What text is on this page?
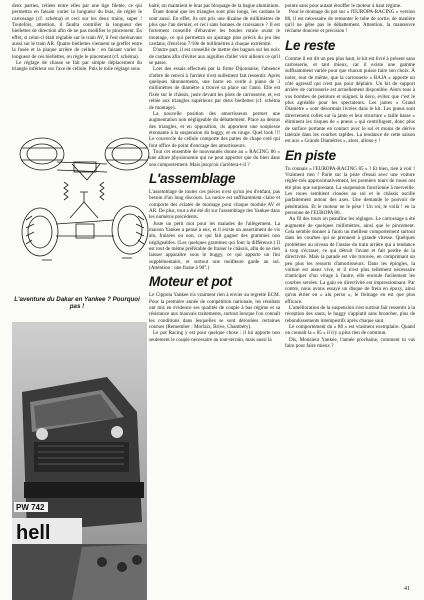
deux parties, reliées entre elles par une tige filetée, ce qui permettra en faisant varier la longueur du bras, de régler le carrossage (cf. schéma) et ceci sur les deux trains, super ! Toutefois, attention, il faudra contrôler la longueur des biellettes de direction afin de ne pas modifier le pincement. En effet, si celui-ci était réglable sur le train AV, il l'est dorénavant aussi sur le train AR. Quatre biellettes viennent se greffer entre la fusée et la plaque arrière de cellule : en faisant varier la longueur de ces biellettes, on règle le pincement (cf. schéma).

Le réglage de chasse se fait par simple déplacement du triangle inférieur sur l'axe de cellule. Puis le toile réglage sous

L'aventure du Dakar en Yankee ? Pourquoi pas !
PW 742
hell

haité, on maintient le bras par bloquage de la bague aluminium.

Étant donné que les triangles sont plus longs, les cardans le sont aussi. En effet, ils ont pris une dizaine de millimètres de plus que l'an dernier, et ceci sans honnes de croissance ? Il est fortement conseillé d'ébavurer les boules rotule avant le montage, ce qui permettra un ajustage plus précis du jeu des cardans, d'environ 7/10e de millimètres à chaque extrémité.

D'autre part, il est conseillé de mettre des bagues sur les noix de cardans afin d'éviter aux aiguilles d'aller voir ailleurs ce qu'il se passe.

Lors des essais effectués par la firme Dijonnaise, l'absence d'arbre de renvoi à l'arrière n'est nullement fait ressentir. Après quelques tâtonnements, une barre en corde à piano de 3 millimètres de diamètre a trouvé sa place sur l'auto. Elle est fixée sur le châssis, juste devant les plots de carrosserie, et, est reliée aux triangles supérieurs par deux biellettes (cf. schéma de montage).

La nouvelle position des amortisseurs permet une augmentation non négligeable du débattement. Placé au dessus des triangles, et en opposition, ils apportent une souplesse étonnante à la suspension du buggy, et en rouge. Quel look !!! Le couvercle de cellule comporte des pattes de chape coté qui font office de point d'encrage des amortisseurs.

Tout cet ensemble de nouveautés donne au « RACING 86 » une allure physionomie qui ne peut apporter que du bien dans son comportement. Mais jusqu'où s'arrêtera-t-il ?

L'assemblage

L'assemblage de toutes ces pièces n'est qu'un jeu d'enfant, pas besoin d'un long discours. La notice est suffisamment claire et comporte des éclatés de montage pour chaque module AV et AR. De plus, tout a été été dit sur l'assemblage des Yankee dans les numéros précédents.

Juste un petit mot pour les malades de l'allègement. La maison Yankee a pensé à eux, et il existe un assortiment de vis alu, fraisées ou non, ce qui fait gagner des grammes non négligeables. (Les quelques grammes qui font la différence.) Il est tout de même préférable de fraiser le châssis, afin de ne rien laisser apparaître sous le buggy, ce qui apporte un fini supplémentaire, et surtout une meilleure garde au sol. (Attention : une fraise à 90°.)

Moteur et pot

Le Cippola Yankee n'a vraiment rien à envier au regretté ECM. Pour la première année de compétition nationale, les résultats ont mis en évidence ses qualités de couple à bas régime et sa résistance aux mauvais traitements, surtout lorsque l'on connaît les conditions dans lesquelles se sont déroulées certaines courses (Remember : Morlaix, Brive, Chambéry).

Le pot Racing y est pour quelque chose : il lui apporte non seulement le couple nécessaire au tout-terrain, mais aussi la

pointe sans pour autant étouffer le moteur à haut régime.

Pour le montage du pot sur « l'EUROPA-RACING » version 86, il est nécessaire de remonter le tube de sortie, de manière qu'il ne gêne pas le débattement. Attention, la manœuvre réclame douceur et précision !

Le reste

Comme il est dit un peu plus haut, le kit est livré à présent sans carrosserie, et tant mieux, car il existe une gamme suffisamment variée pour que chacun puisse faire son choix. À noter, tout de même, que la carrosserie « BAJA » apporte un côté agressif qui n'est pas pour déplaire. Un kit de support arrière de carrosserie est actuellement disponible. Alors tous à vos bombes de peinture et soignez la déco, évitez que c'est le plus agréable pour les spectateurs. Les jantes « Grand Diamètre » sont désormais livrées dans le kit. Les pneus sont directement collés sur la jante et leur structure « taille basse » éliminera les risques de « pneus » qui centrifugent, donc plus de surface portante en contact avec le sol et moins de dérive latérale dans les courbes rapides. La tendance de cette saison est aux « Grands Diamètres », alors, allons-y !

En piste

Tu connais « l'EUROPA-RACING 85 » ? Et bien, rien à voir ! Vraiment rien ! Parle sur la piste d'essai avec une voiture réglée très approximativement, les premiers tours de roues ont été plus que surprenant. La suspension fonctionne à merveille. Les roues semblent clouées au sol et le châssis oscille parfaitement autour des axes. Une demande le pouvoir de pénétration. Et le moteur ne le pèse ! Un roi, le voilà ! en la personne de l'EUROPA 86.

Au fil des tours on peaufine les réglages. Le carrossage a été augmenté de quelques millimètres, ainsi que le pincement. Cela semble donner à l'auto un meilleur comportement surtout dans les courbes qui se prennent à grande vitesse. Quelques problèmes au niveau de l'assise du train arrière qui a tendance à trop s'écraser, ce qui détruit l'avant et fait perdre de la directivité. Mais la parade est vite trouvée, en comprimant un peu plus les ressorts d'amortisseurs. Dans les épingles, la voiture est assez vive, et il n'est plus tellement nécessaire d'anticiper d'un virage à l'autre, elle enroule facilement les courbes serrées. La gain en directivité est impressionnant. Par contre, nous avons essayé un disque de frein en époxy, ainsi qu'un étrier en « alu perso », le freinage en est que plus efficace.

L'amélioration de la suspension s'est surtout fait ressentir à la réception des sauts, le buggy s'applatit sans broncher, plus de rebondissements intempestifs après chaque saut.

Le comportement du « 86 » est vraiment exemplaire. Quand on connaît la « 85 » il n'y a plus rien de commun.

Dis, Monsieur Yankée, l'année prochaine, comment tu vas faire pour faire mieux ?

41
